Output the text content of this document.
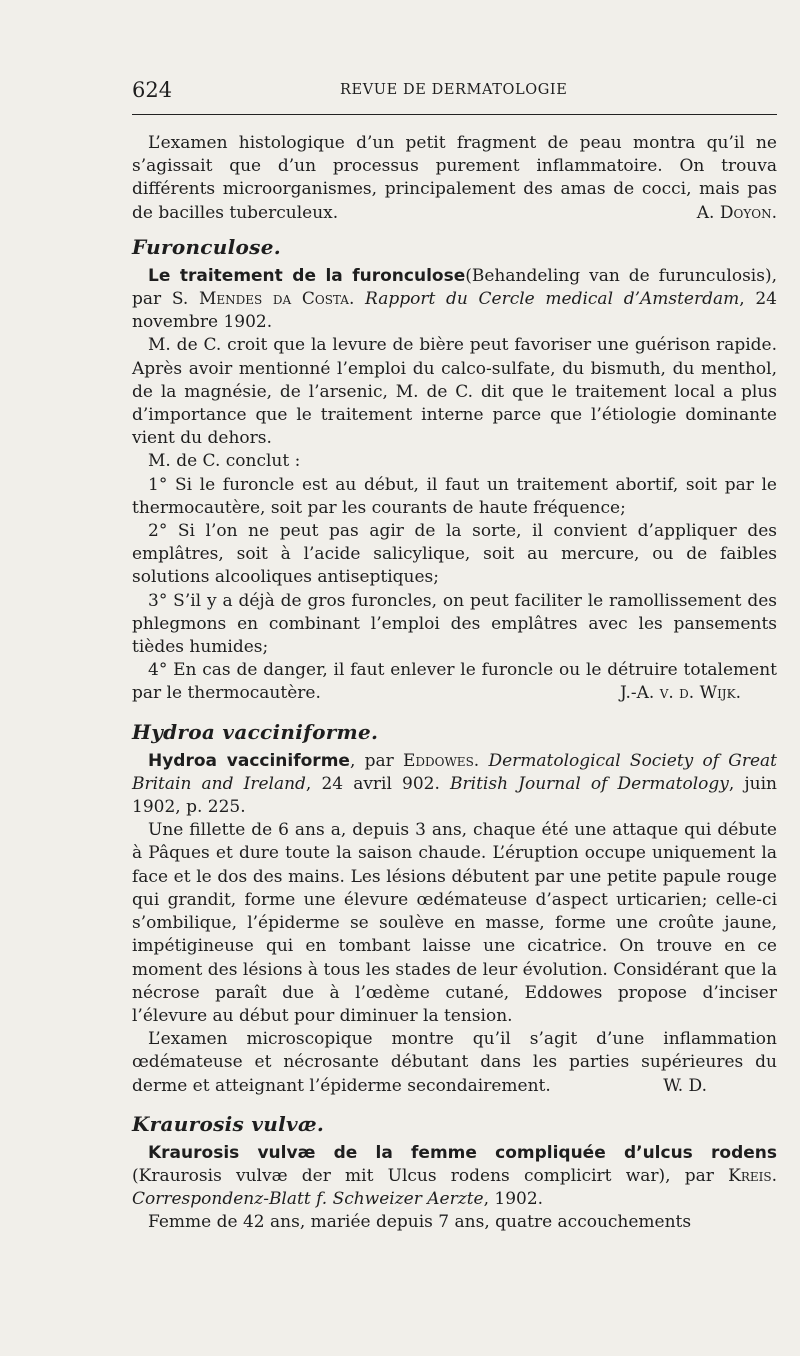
624	REVUE DE DERMATOLOGIE

L’examen histologique d’un petit fragment de peau montra qu’il ne s’agissait que d’un processus purement inflammatoire. On trouva différents microorganismes, principalement des amas de cocci, mais pas de bacilles tuberculeux.	A. Doyon.

Furonculose.

Le traitement de la furonculose(Behandeling van de furunculosis), par S. Mendes da Costa. Rapport du Cercle medical d’Amsterdam, 24 novembre 1902.

M. de C. croit que la levure de bière peut favoriser une guérison rapide. Après avoir mentionné l’emploi du calco-sulfate, du bismuth, du menthol, de la magnésie, de l’arsenic, M. de C. dit que le traitement local a plus d’importance que le traitement interne parce que l’étiologie dominante vient du dehors.

M. de C. conclut :

1° Si le furoncle est au début, il faut un traitement abortif, soit par le thermocautère, soit par les courants de haute fréquence;

2° Si l’on ne peut pas agir de la sorte, il convient d’appliquer des emplâtres, soit à l’acide salicylique, soit au mercure, ou de faibles solutions alcooliques antiseptiques;

3° S’il y a déjà de gros furoncles, on peut faciliter le ramollissement des phlegmons en combinant l’emploi des emplâtres avec les pansements tièdes humides;

4° En cas de danger, il faut enlever le furoncle ou le détruire totalement par le thermocautère.	J.-A. v. d. Wijk.

Hydroa vacciniforme.

Hydroa vacciniforme, par Eddowes. Dermatological Society of Great Britain and Ireland, 24 avril 902. British Journal of Dermatology, juin 1902, p. 225.

Une fillette de 6 ans a, depuis 3 ans, chaque été une attaque qui débute à Pâques et dure toute la saison chaude. L’éruption occupe uniquement la face et le dos des mains. Les lésions débutent par une petite papule rouge qui grandit, forme une élevure œdémateuse d’aspect urticarien; celle-ci s’ombilique, l’épiderme se soulève en masse, forme une croûte jaune, impétigineuse qui en tombant laisse une cicatrice. On trouve en ce moment des lésions à tous les stades de leur évolution. Considérant que la nécrose paraît due à l’œdème cutané, Eddowes propose d’inciser l’élevure au début pour diminuer la tension.

L’examen microscopique montre qu’il s’agit d’une inflammation œdémateuse et nécrosante débutant dans les parties supérieures du derme et atteignant l’épiderme secondairement.	W. D.

Kraurosis vulvæ.

Kraurosis vulvæ de la femme compliquée d’ulcus rodens (Kraurosis vulvæ der mit Ulcus rodens complicirt war), par Kreis. Correspondenz-Blatt f. Schweizer Aerzte, 1902.

Femme de 42 ans, mariée depuis 7 ans, quatre accouchements
